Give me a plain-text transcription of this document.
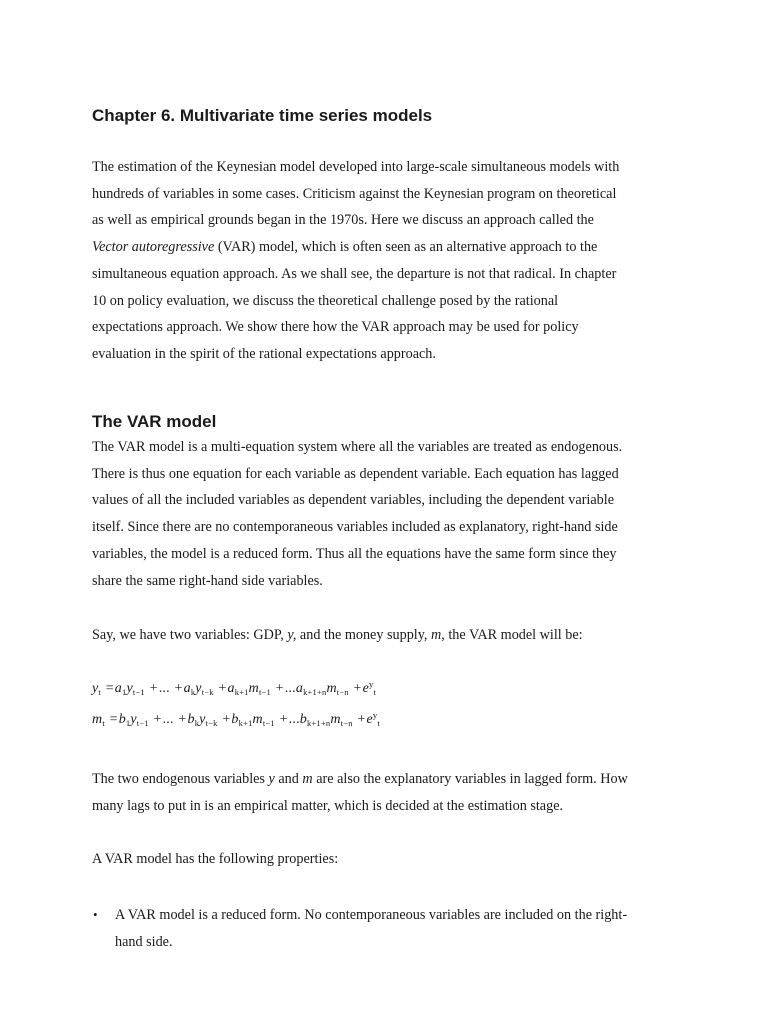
Chapter 6. Multivariate time series models

The estimation of the Keynesian model developed into large-scale simultaneous models with
hundreds of variables in some cases. Criticism against the Keynesian program on theoretical
as well as empirical grounds began in the 1970s. Here we discuss an approach called the
Vector autoregressive (VAR) model, which is often seen as an alternative approach to the
simultaneous equation approach. As we shall see, the departure is not that radical. In chapter
10 on policy evaluation, we discuss the theoretical challenge posed by the rational
expectations approach. We show there how the VAR approach may be used for policy
evaluation in the spirit of the rational expectations approach.

The VAR model

The VAR model is a multi-equation system where all the variables are treated as endogenous.
There is thus one equation for each variable as dependent variable. Each equation has lagged
values of all the included variables as dependent variables, including the dependent variable
itself. Since there are no contemporaneous variables included as explanatory, right-hand side
variables, the model is a reduced form. Thus all the equations have the same form since they
share the same right-hand side variables.

Say, we have two variables: GDP, y, and the money supply, m, the VAR model will be:

$y_t =a_1y_{t-1}$ +... $+a_ky_{t-k} +a_{k+1}m_{t-1} +...a_{k+1+n}m_{t-n} +e^y_t$
$m_t =b_1y_{t-1}$ +... $+b_ky_{t-k} +b_{k+1}m_{t-1} +...b_{k+1+n}m_{t-n} +e^y_t$

The two endogenous variables y and m are also the explanatory variables in lagged form. How
many lags to put in is an empirical matter, which is decided at the estimation stage.

A VAR model has the following properties:

• A VAR model is a reduced form. No contemporaneous variables are included on the right-
hand side.
